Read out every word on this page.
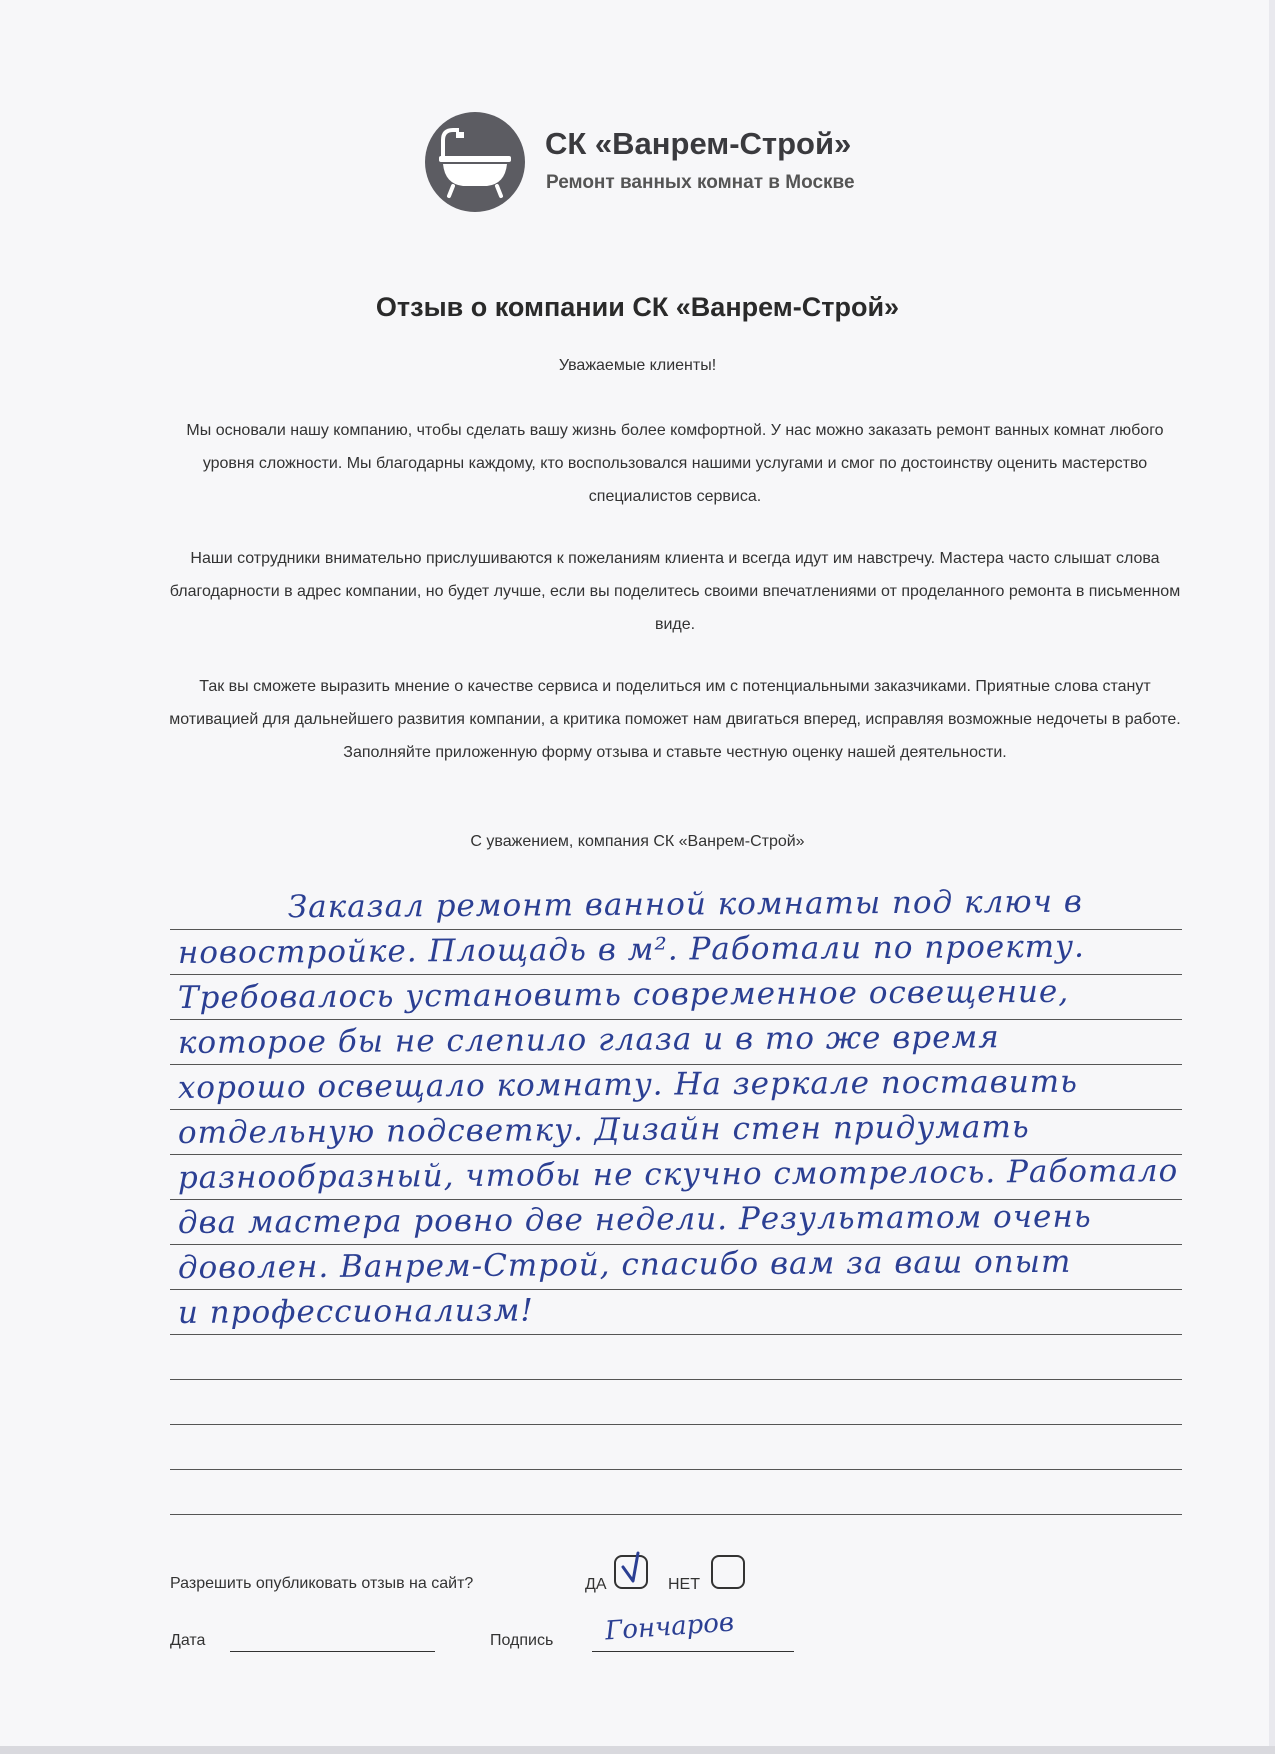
СК «Ванрем-Строй»
Ремонт ванных комнат в Москве
Отзыв о компании СК «Ванрем-Строй»
Уважаемые клиенты!
Мы основали нашу компанию, чтобы сделать вашу жизнь более комфортной. У нас можно заказать ремонт ванных комнат любого уровня сложности. Мы благодарны каждому, кто воспользовался нашими услугами и смог по достоинству оценить мастерство специалистов сервиса.
Наши сотрудники внимательно прислушиваются к пожеланиям клиента и всегда идут им навстречу. Мастера часто слышат слова благодарности в адрес компании, но будет лучше, если вы поделитесь своими впечатлениями от проделанного ремонта в письменном виде.
Так вы сможете выразить мнение о качестве сервиса и поделиться им с потенциальными заказчиками. Приятные слова станут мотивацией для дальнейшего развития компании, а критика поможет нам двигаться вперед, исправляя возможные недочеты в работе. Заполняйте приложенную форму отзыва и ставьте честную оценку нашей деятельности.
С уважением, компания СК «Ванрем-Строй»
Заказал ремонт ванной комнаты под ключ в
новостройке. Площадь в м². Работали по проекту.
Требовалось установить современное освещение,
которое бы не слепило глаза и в то же время
хорошо освещало комнату. На зеркале поставить
отдельную подсветку. Дизайн стен придумать
разнообразный, чтобы не скучно смотрелось. Работало
два мастера ровно две недели. Результатом очень
доволен. Ванрем-Строй, спасибо вам за ваш опыт
и профессионализм!
Разрешить опубликовать отзыв на сайт?	ДА	НЕТ
Дата	Подпись Гончаров
